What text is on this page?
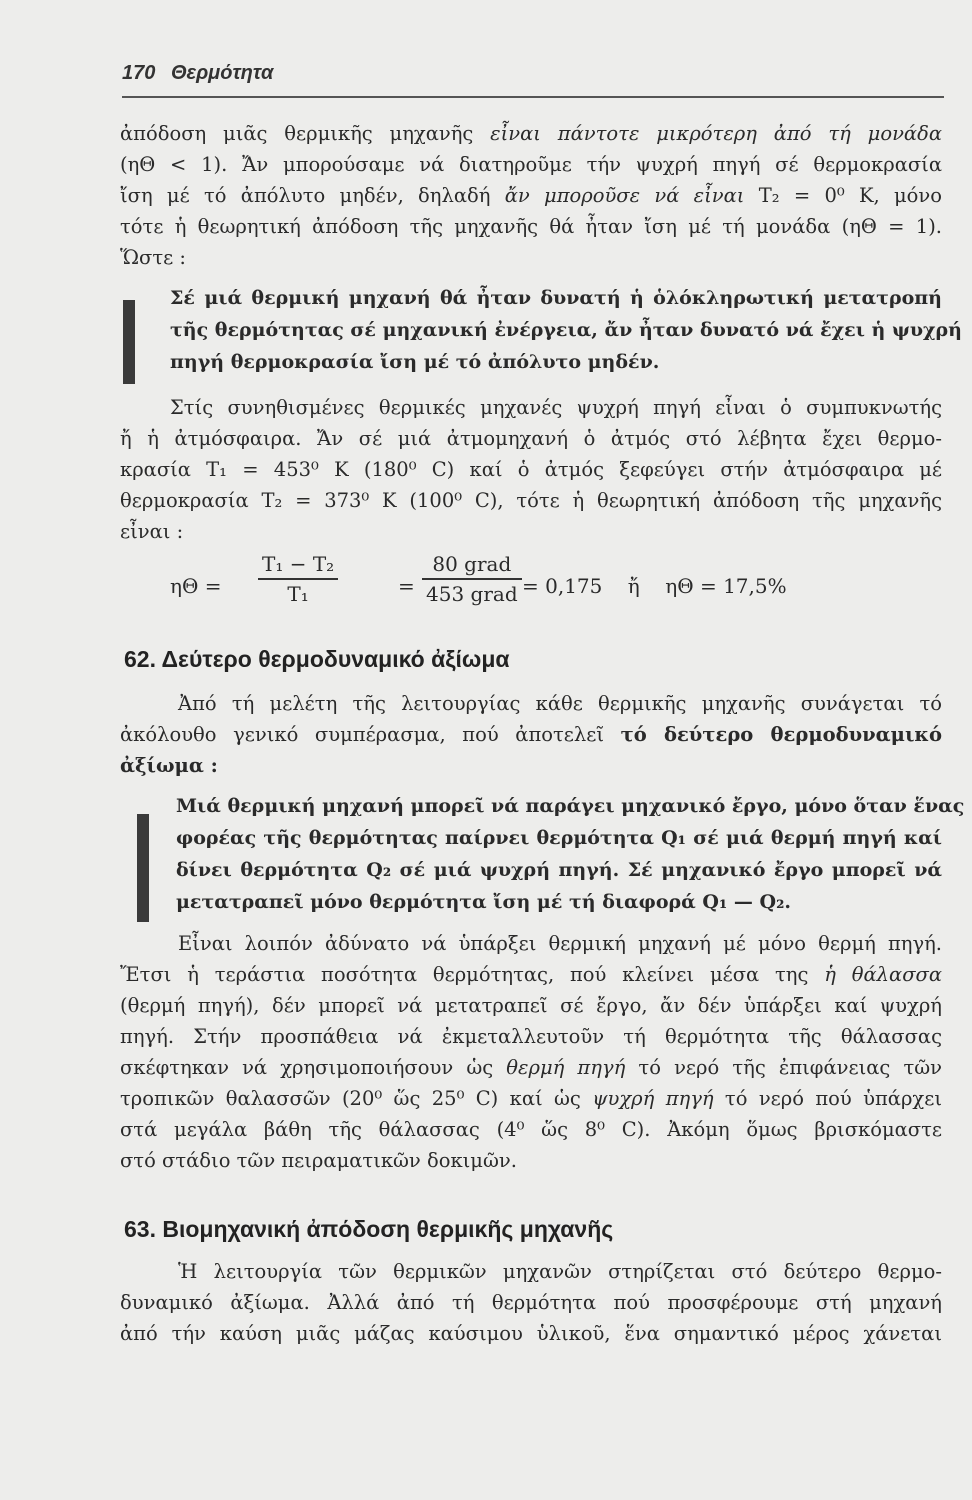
170 Θερμότητα
ἀπόδοση μιᾶς θερμικῆς μηχανῆς εἶναι πάντοτε μικρότερη ἀπό τή μονάδα
(ηΘ < 1). Ἄν μπορούσαμε νά διατηροῦμε τήν ψυχρή πηγή σέ θερμοκρασία
ἴση μέ τό ἀπόλυτο μηδέν, δηλαδή ἄν μποροῦσε νά εἶναι T₂ = 0⁰ K, μόνο
τότε ἡ θεωρητική ἀπόδοση τῆς μηχανῆς θά ἦταν ἴση μέ τή μονάδα (ηΘ = 1).
Ὥστε :
Σέ μιά θερμική μηχανή θά ἦταν δυνατή ἡ ὁλόκληρωτική μετατροπή
τῆς θερμότητας σέ μηχανική ἐνέργεια, ἄν ἦταν δυνατό νά ἔχει ἡ ψυχρή
πηγή θερμοκρασία ἴση μέ τό ἀπόλυτο μηδέν.
Στίς συνηθισμένες θερμικές μηχανές ψυχρή πηγή εἶναι ὁ συμπυκνωτής
ἤ ἡ ἀτμόσφαιρα. Ἄν σέ μιά ἀτμομηχανή ὁ ἀτμός στό λέβητα ἔχει θερμο-
κρασία T₁ = 453⁰ K (180⁰ C) καί ὁ ἀτμός ξεφεύγει στήν ἀτμόσφαιρα μέ
θερμοκρασία T₂ = 373⁰ K (100⁰ C), τότε ἡ θεωρητική ἀπόδοση τῆς μηχανῆς
εἶναι :
ηΘ =
T₁ − T₂
T₁	=
80 grad
453 grad = 0,175    ἤ    ηΘ = 17,5%
62. Δεύτερο θερμοδυναμικό ἀξίωμα
Ἀπό τή μελέτη τῆς λειτουργίας κάθε θερμικῆς μηχανῆς συνάγεται τό
ἀκόλουθο γενικό συμπέρασμα, πού ἀποτελεῖ τό δεύτερο θερμοδυναμικό
ἀξίωμα :
Μιά θερμική μηχανή μπορεῖ νά παράγει μηχανικό ἔργο, μόνο ὅταν ἕνας
φορέας τῆς θερμότητας παίρνει θερμότητα Q₁ σέ μιά θερμή πηγή καί
δίνει θερμότητα Q₂ σέ μιά ψυχρή πηγή. Σέ μηχανικό ἔργο μπορεῖ νά
μετατραπεῖ μόνο θερμότητα ἴση μέ τή διαφορά Q₁ — Q₂.
Εἶναι λοιπόν ἀδύνατο νά ὑπάρξει θερμική μηχανή μέ μόνο θερμή πηγή.
Ἔτσι ἡ τεράστια ποσότητα θερμότητας, πού κλείνει μέσα της ἡ θάλασσα
(θερμή πηγή), δέν μπορεῖ νά μετατραπεῖ σέ ἔργο, ἄν δέν ὑπάρξει καί ψυχρή
πηγή. Στήν προσπάθεια νά ἐκμεταλλευτοῦν τή θερμότητα τῆς θάλασσας
σκέφτηκαν νά χρησιμοποιήσουν ὡς θερμή πηγή τό νερό τῆς ἐπιφάνειας τῶν
τροπικῶν θαλασσῶν (20⁰ ὥς 25⁰ C) καί ὡς ψυχρή πηγή τό νερό πού ὑπάρχει
στά μεγάλα βάθη τῆς θάλασσας (4⁰ ὥς 8⁰ C). Ἀκόμη ὅμως βρισκόμαστε
στό στάδιο τῶν πειραματικῶν δοκιμῶν.
63. Βιομηχανική ἀπόδοση θερμικῆς μηχανῆς
Ἡ λειτουργία τῶν θερμικῶν μηχανῶν στηρίζεται στό δεύτερο θερμο-
δυναμικό ἀξίωμα. Ἀλλά ἀπό τή θερμότητα πού προσφέρουμε στή μηχανή
ἀπό τήν καύση μιᾶς μάζας καύσιμου ὑλικοῦ, ἕνα σημαντικό μέρος χάνεται
